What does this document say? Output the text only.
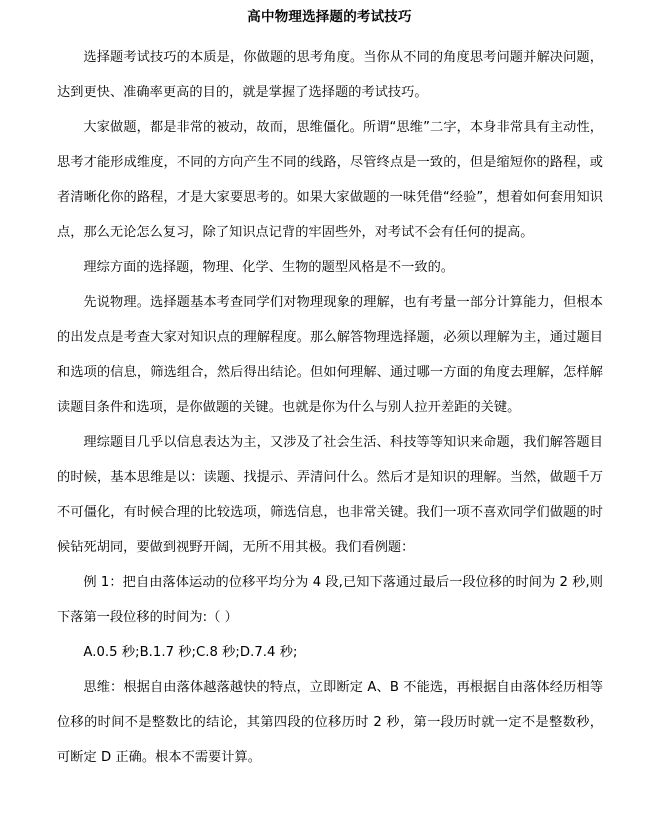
高中物理选择题的考试技巧

选择题考试技巧的本质是，你做题的思考角度。当你从不同的角度思考问题并解决问题，达到更快、准确率更高的目的，就是掌握了选择题的考试技巧。

大家做题，都是非常的被动，故而，思维僵化。所谓“思维”二字，本身非常具有主动性，思考才能形成维度，不同的方向产生不同的线路，尽管终点是一致的，但是缩短你的路程，或者清晰化你的路程，才是大家要思考的。如果大家做题的一味凭借“经验”，想着如何套用知识点，那么无论怎么复习，除了知识点记背的牢固些外，对考试不会有任何的提高。

理综方面的选择题，物理、化学、生物的题型风格是不一致的。

先说物理。选择题基本考查同学们对物理现象的理解，也有考量一部分计算能力，但根本的出发点是考查大家对知识点的理解程度。那么解答物理选择题，必须以理解为主，通过题目和选项的信息，筛选组合，然后得出结论。但如何理解、通过哪一方面的角度去理解，怎样解读题目条件和选项，是你做题的关键。也就是你为什么与别人拉开差距的关键。

理综题目几乎以信息表达为主，又涉及了社会生活、科技等等知识来命题，我们解答题目的时候，基本思维是以：读题、找提示、弄清问什么。然后才是知识的理解。当然，做题千万不可僵化，有时候合理的比较选项，筛选信息，也非常关键。我们一项不喜欢同学们做题的时候钻死胡同，要做到视野开阔，无所不用其极。我们看例题：

例 1：把自由落体运动的位移平均分为 4 段,已知下落通过最后一段位移的时间为 2 秒,则下落第一段位移的时间为:（ ）

A.0.5 秒;B.1.7 秒;C.8 秒;D.7.4 秒;

思维：根据自由落体越落越快的特点，立即断定 A、B 不能选，再根据自由落体经历相等位移的时间不是整数比的结论，其第四段的位移历时 2 秒，第一段历时就一定不是整数秒，可断定 D 正确。根本不需要计算。
